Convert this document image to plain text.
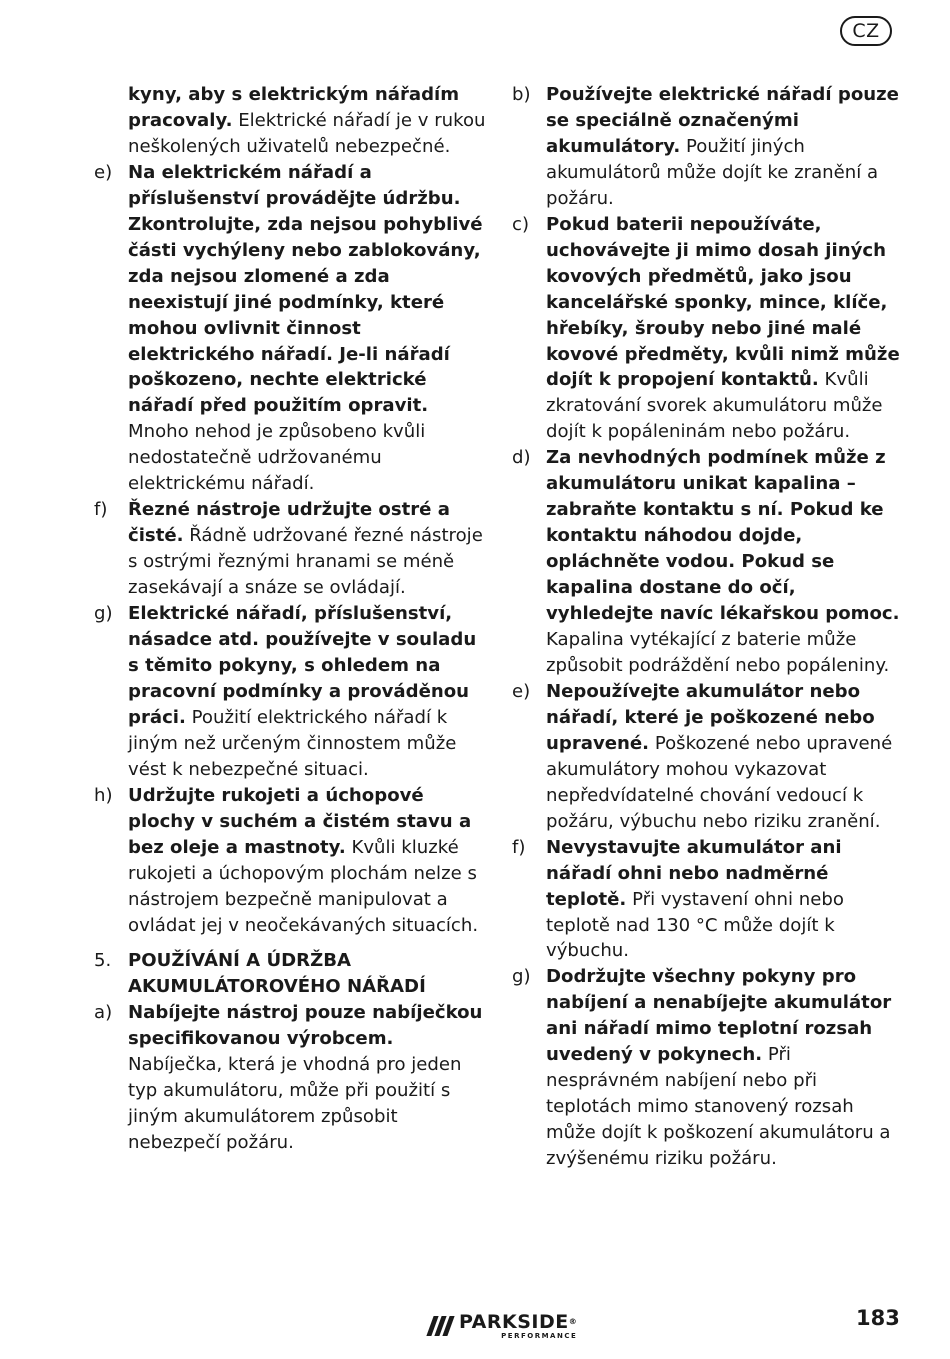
CZ
kyny, aby s elektrickým nářadím pracovaly. Elektrické nářadí je v rukou neškolených uživatelů nebezpečné.
e) Na elektrickém nářadí a příslušenství provádějte údržbu. Zkontrolujte, zda nejsou pohyblivé části vychýleny nebo zablokovány, zda nejsou zlomené a zda neexistují jiné podmínky, které mohou ovlivnit činnost elektrického nářadí. Je-li nářadí poškozeno, nechte elektrické nářadí před použitím opravit. Mnoho nehod je způsobeno kvůli nedostatečně udržovanému elektrickému nářadí.
f)	Řezné nástroje udržujte ostré a čisté. Řádně udržované řezné nástroje s ostrými řeznými hranami se méně zasekávají a snáze se ovládají.
g) Elektrické nářadí, příslušenství, násadce atd. používejte v souladu s těmito pokyny, s ohledem na pracovní podmínky a prováděnou práci. Použití elektrického nářadí k jiným než určeným činnostem může vést k nebezpečné situaci.
h) Udržujte rukojeti a úchopové plochy v suchém a čistém stavu a bez oleje a mastnoty. Kvůli kluzké rukojeti a úchopovým plochám nelze s nástrojem bezpečně manipulovat a ovládat jej v neočekávaných situacích.
5. POUŽÍVÁNÍ A ÚDRŽBA AKUMULÁTOROVÉHO NÁŘADÍ
a) Nabíjejte nástroj pouze nabíječkou specifikovanou výrobcem. Nabíječka, která je vhodná pro jeden typ akumulátoru, může při použití s jiným akumulátorem způsobit nebezpečí požáru.
b) Používejte elektrické nářadí pouze se speciálně označenými akumulátory. Použití jiných akumulátorů může dojít ke zranění a požáru.
c) Pokud baterii nepoužíváte, uchovávejte ji mimo dosah jiných kovových předmětů, jako jsou kancelářské sponky, mince, klíče, hřebíky, šrouby nebo jiné malé kovové předměty, kvůli nimž může dojít k propojení kontaktů. Kvůli zkratování svorek akumulátoru může dojít k popáleninám nebo požáru.
d) Za nevhodných podmínek může z akumulátoru unikat kapalina – zabraňte kontaktu s ní. Pokud ke kontaktu náhodou dojde, opláchněte vodou. Pokud se kapalina dostane do očí, vyhledejte navíc lékařskou pomoc. Kapalina vytékající z baterie může způsobit podráždění nebo popáleniny.
e) Nepoužívejte akumulátor nebo nářadí, které je poškozené nebo upravené. Poškozené nebo upravené akumulátory mohou vykazovat nepředvídatelné chování vedoucí k požáru, výbuchu nebo riziku zranění.
f)	Nevystavujte akumulátor ani nářadí ohni nebo nadměrné teplotě. Při vystavení ohni nebo teplotě nad 130 °C může dojít k výbuchu.
g) Dodržujte všechny pokyny pro nabíjení a nenabíjejte akumulátor ani nářadí mimo teplotní rozsah uvedený v pokynech. Při nesprávném nabíjení nebo při teplotách mimo stanovený rozsah může dojít k poškození akumulátoru a zvýšenému riziku požáru.
PARKSIDE®
PERFORMANCE
183
